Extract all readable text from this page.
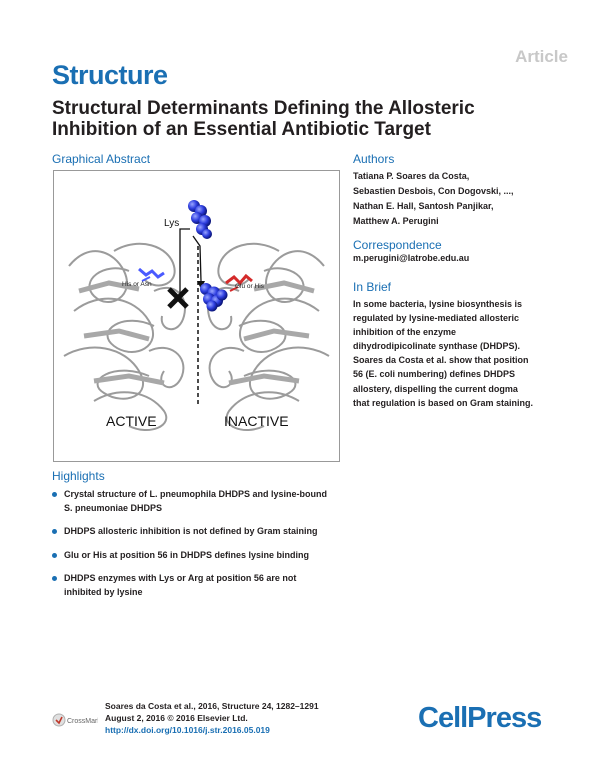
Article
Structure
Structural Determinants Defining the Allosteric Inhibition of an Essential Antibiotic Target
Graphical Abstract
Lys
His or Asn	Glu or His
ACTIVE	INACTIVE
Authors
Tatiana P. Soares da Costa,
Sebastien Desbois, Con Dogovski, ...,
Nathan E. Hall, Santosh Panjikar,
Matthew A. Perugini
Correspondence
m.perugini@latrobe.edu.au
In Brief
In some bacteria, lysine biosynthesis is
regulated by lysine-mediated allosteric
inhibition of the enzyme
dihydrodipicolinate synthase (DHDPS).
Soares da Costa et al. show that position
56 (E. coli numbering) defines DHDPS
allostery, dispelling the current dogma
that regulation is based on Gram staining.
Highlights
Crystal structure of L. pneumophila DHDPS and lysine-bound
S. pneumoniae DHDPS
DHDPS allosteric inhibition is not defined by Gram staining
Glu or His at position 56 in DHDPS defines lysine binding
DHDPS enzymes with Lys or Arg at position 56 are not
inhibited by lysine
CrossMark
Soares da Costa et al., 2016, Structure 24, 1282–1291
August 2, 2016 © 2016 Elsevier Ltd.
http://dx.doi.org/10.1016/j.str.2016.05.019	CellPress
